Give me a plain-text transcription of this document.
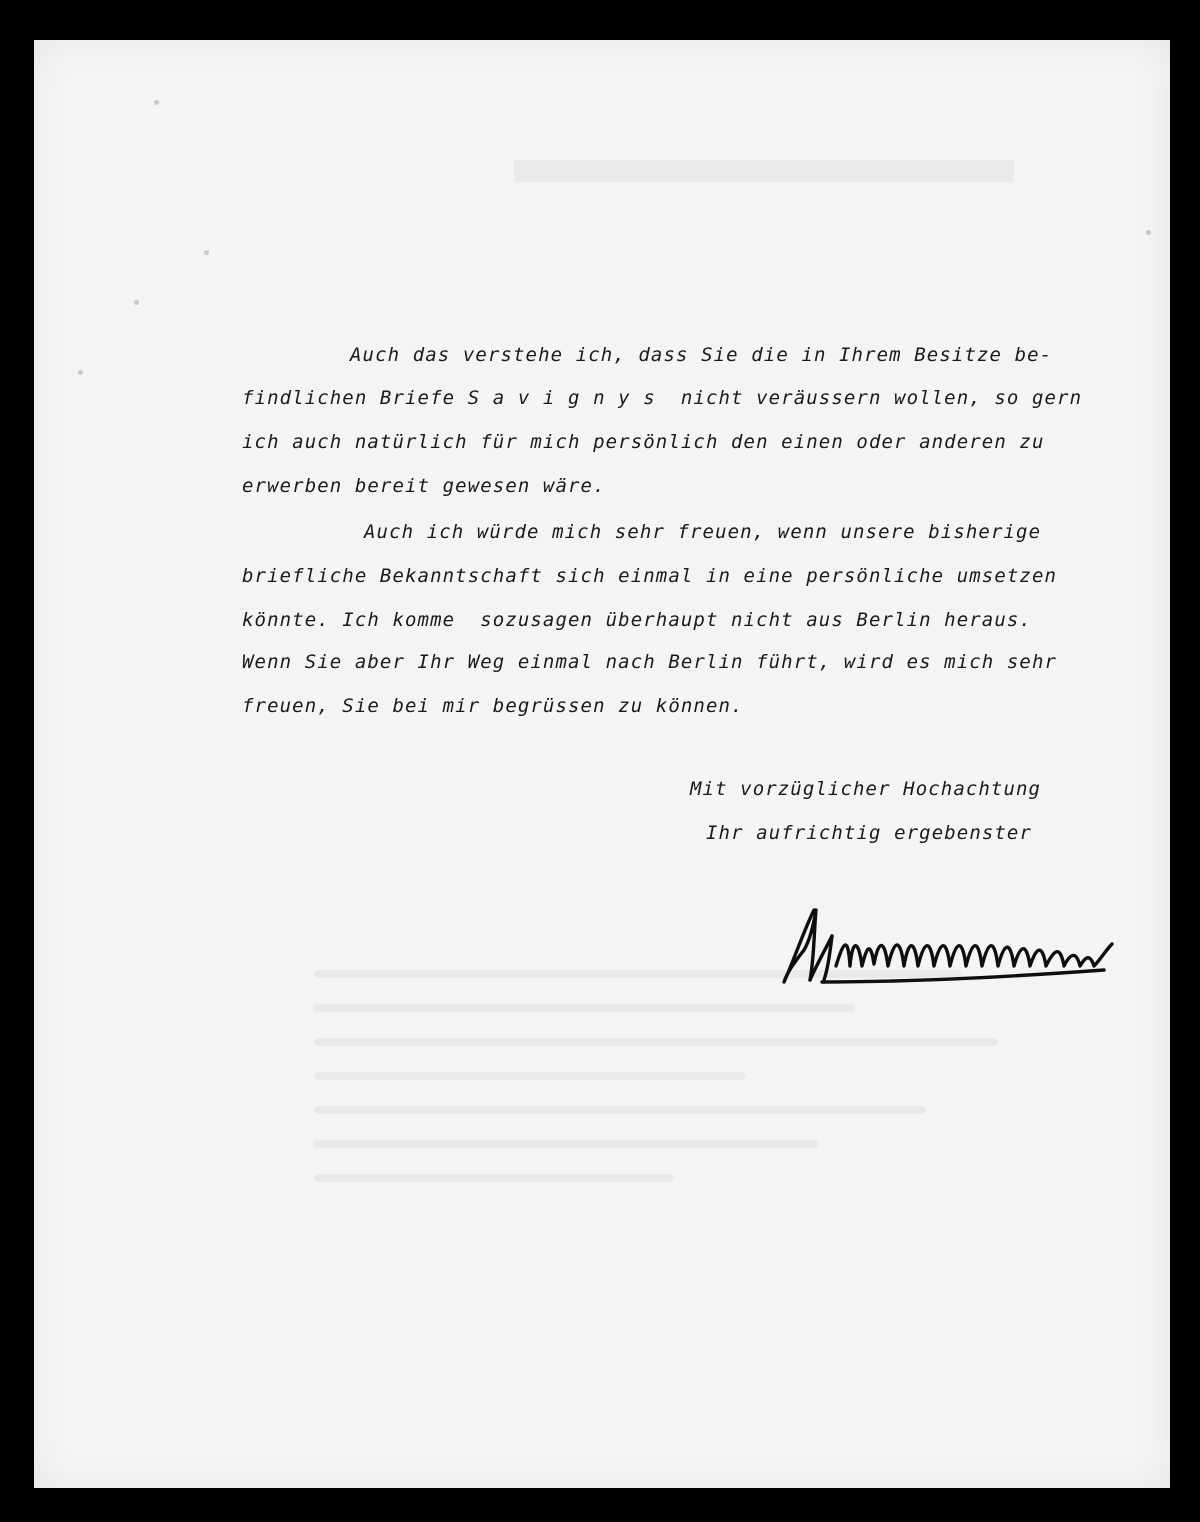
Auch das verstehe ich, dass Sie die in Ihrem Besitze be-
findlichen Briefe S a v i g n y s  nicht veräussern wollen, so gern
ich auch natürlich für mich persönlich den einen oder anderen zu
erwerben bereit gewesen wäre.
Auch ich würde mich sehr freuen, wenn unsere bisherige
briefliche Bekanntschaft sich einmal in eine persönliche umsetzen
könnte. Ich komme  sozusagen überhaupt nicht aus Berlin heraus.
Wenn Sie aber Ihr Weg einmal nach Berlin führt, wird es mich sehr
freuen, Sie bei mir begrüssen zu können.
Mit vorzüglicher Hochachtung
Ihr aufrichtig ergebenster
